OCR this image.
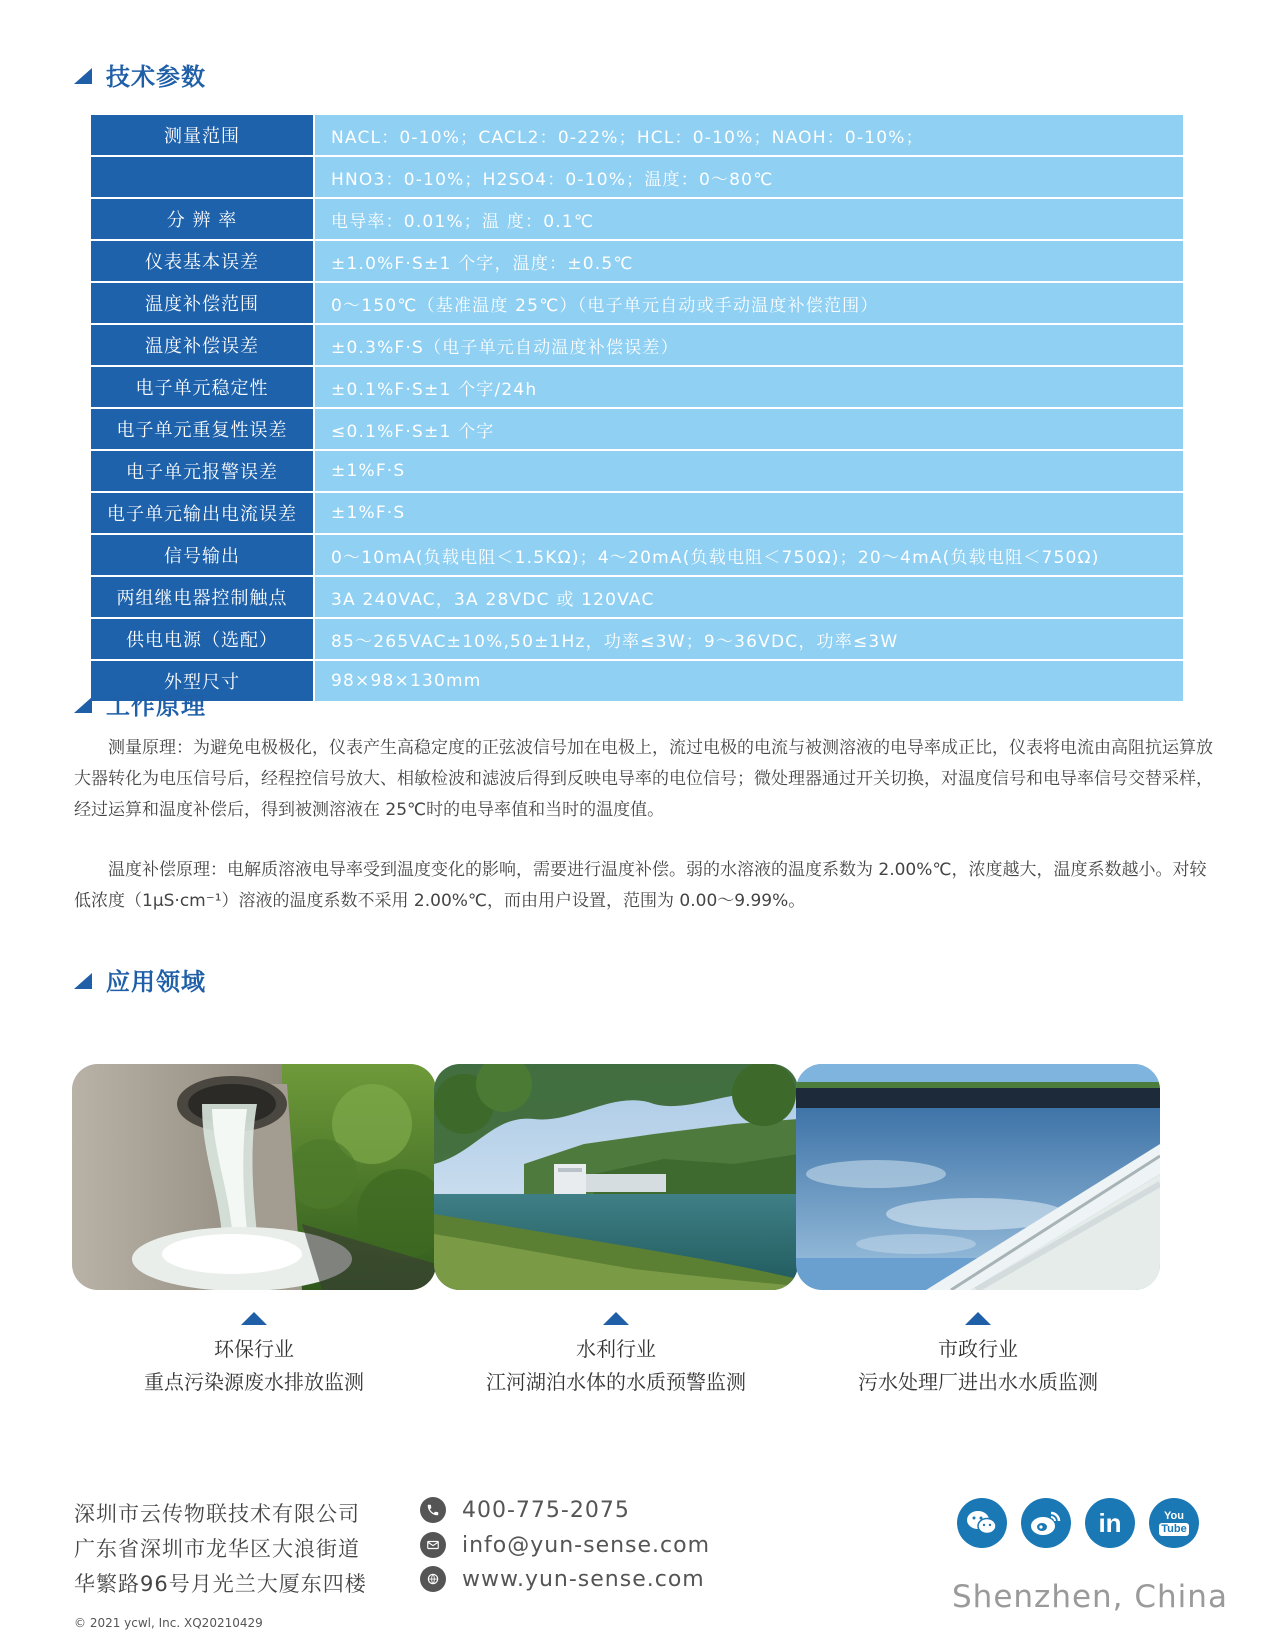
技术参数
测量范围	NACL：0-10%；CACL2：0-22%；HCL：0-10%；NAOH：0-10%；
HNO3：0-10%；H2SO4：0-10%；温度：0～80℃
分 辨 率	电导率：0.01%；温 度：0.1℃
仪表基本误差	±1.0%F·S±1 个字，温度：±0.5℃
温度补偿范围	0～150℃（基准温度 25℃）（电子单元自动或手动温度补偿范围）
温度补偿误差	±0.3%F·S（电子单元自动温度补偿误差）
电子单元稳定性	±0.1%F·S±1 个字/24h
电子单元重复性误差	≤0.1%F·S±1 个字
电子单元报警误差	±1%F·S
电子单元输出电流误差	±1%F·S
信号输出	0～10mA(负载电阻＜1.5KΩ)；4～20mA(负载电阻＜750Ω)；20～4mA(负载电阻＜750Ω)
两组继电器控制触点	3A 240VAC，3A 28VDC 或 120VAC
供电电源（选配）	85～265VAC±10%,50±1Hz，功率≤3W；9～36VDC，功率≤3W
外型尺寸	98×98×130mm
工作原理

测量原理：为避免电极极化，仪表产生高稳定度的正弦波信号加在电极上，流过电极的电流与被测溶液的电导率成正比，仪表将电流由高阻抗运算放大器转化为电压信号后，经程控信号放大、相敏检波和滤波后得到反映电导率的电位信号；微处理器通过开关切换，对温度信号和电导率信号交替采样，经过运算和温度补偿后，得到被测溶液在 25℃时的电导率值和当时的温度值。

温度补偿原理：电解质溶液电导率受到温度变化的影响，需要进行温度补偿。弱的水溶液的温度系数为 2.00%℃，浓度越大，温度系数越小。对较低浓度（1μS·cm⁻¹）溶液的温度系数不采用 2.00%℃，而由用户设置，范围为 0.00～9.99%。

应用领域
环保行业
重点污染源废水排放监测
水利行业
江河湖泊水体的水质预警监测
市政行业
污水处理厂进出水水质监测
深圳市云传物联技术有限公司
广东省深圳市龙华区大浪街道
华繁路96号月光兰大厦东四楼
400-775-2075
info@yun-sense.com
www.yun-sense.com
in	You
Tube
Shenzhen, China
© 2021 ycwl, Inc. XQ20210429
